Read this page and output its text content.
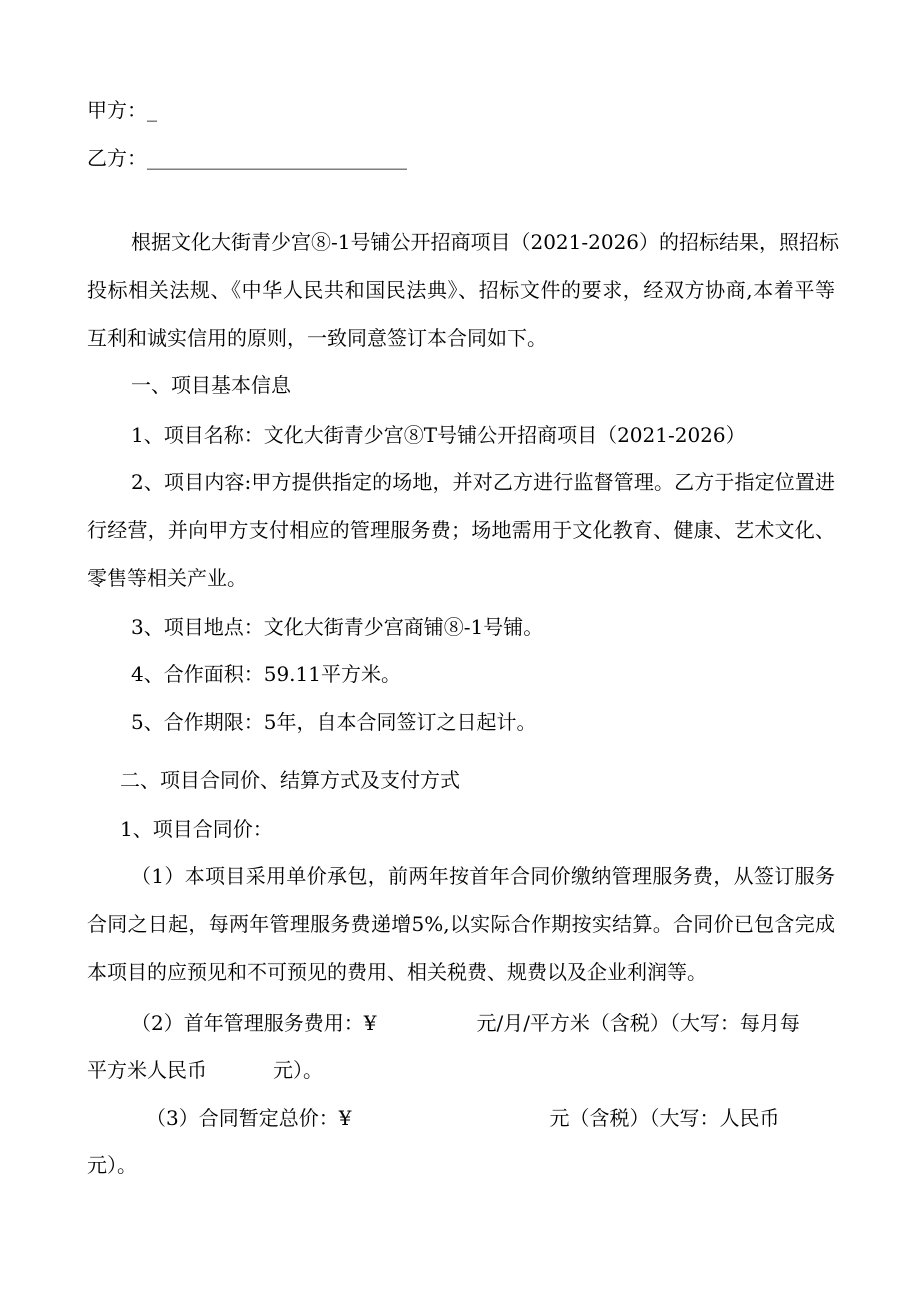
甲方：_
乙方：__________________________
根据文化大街青少宫⑧-1号铺公开招商项目（2021-2026）的招标结果，照招标
投标相关法规、《中华人民共和国民法典》、招标文件的要求，经双方协商,本着平等
互利和诚实信用的原则，一致同意签订本合同如下。
一、项目基本信息
1、项目名称：文化大街青少宫⑧T号铺公开招商项目（2021-2026）
2、项目内容:甲方提供指定的场地，并对乙方进行监督管理。乙方于指定位置进
行经营，并向甲方支付相应的管理服务费；场地需用于文化教育、健康、艺术文化、
零售等相关产业。
3、项目地点：文化大街青少宫商铺⑧-1号铺。
4、合作面积：59.11平方米。
5、合作期限：5年，自本合同签订之日起计。
二、项目合同价、结算方式及支付方式
1、项目合同价：
（1）本项目采用单价承包，前两年按首年合同价缴纳管理服务费，从签订服务
合同之日起，每两年管理服务费递增5%,以实际合作期按实结算。合同价已包含完成
本项目的应预见和不可预见的费用、相关税费、规费以及企业利润等。
（2）首年管理服务费用：¥	元/月/平方米（含税）（大写：每月每
平方米人民币	元）。
（3）合同暂定总价：¥	元（含税）（大写：人民币
元）。
